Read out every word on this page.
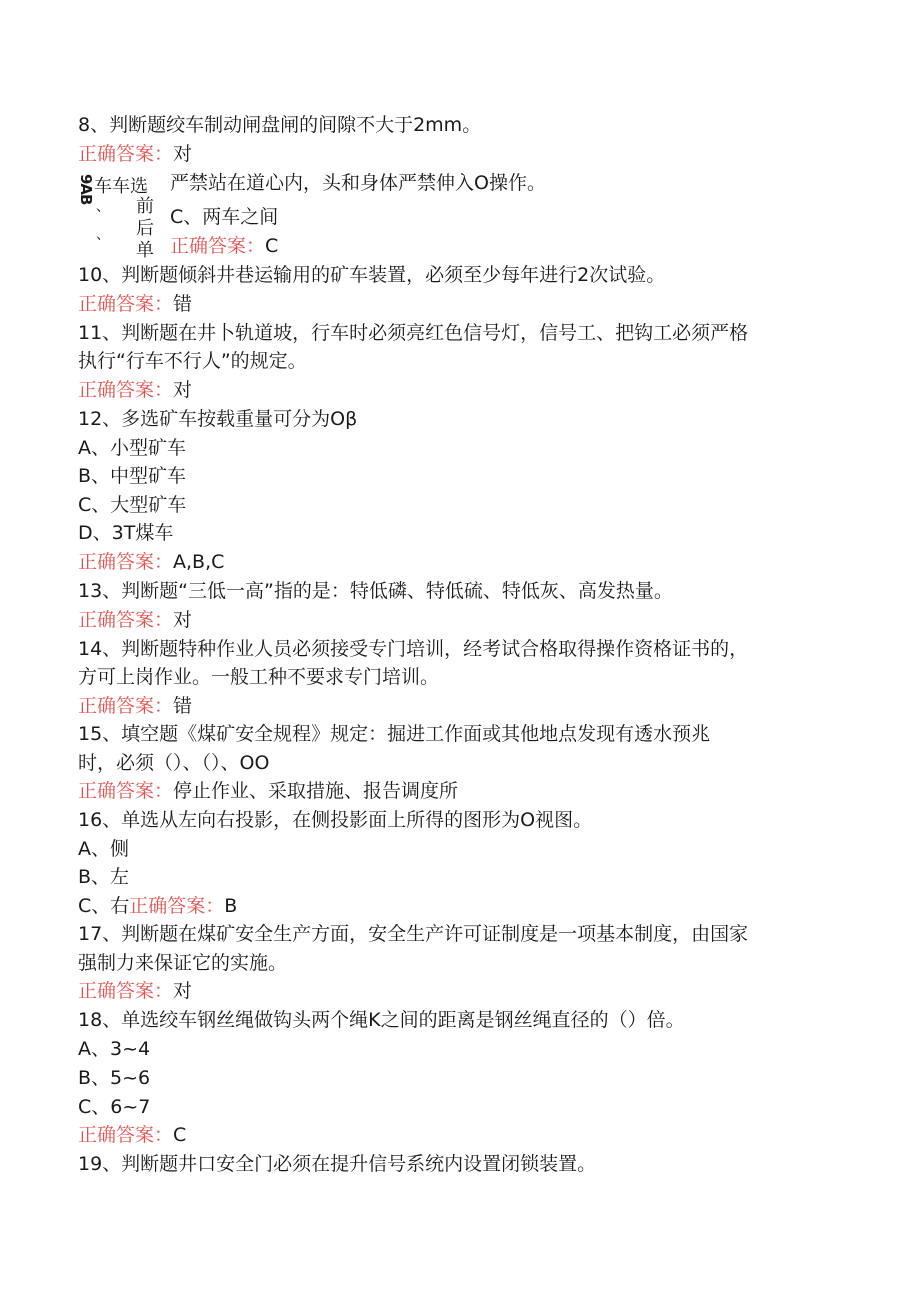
8、判断题绞车制动闸盘闸的间隙不大于2mm。
正确答案：对
9AB 车车选
、
、
前
后
单
严禁站在道心内，头和身体严禁伸入O操作。
C、两车之间
正确答案：C
10、判断题倾斜井巷运输用的矿车装置，必须至少每年进行2次试验。
正确答案：错
11、判断题在井卜轨道坡，行车时必须亮红色信号灯，信号工、把钩工必须严格
执行“行车不行人”的规定。
正确答案：对
12、多选矿车按载重量可分为Oβ
A、小型矿车
B、中型矿车
C、大型矿车
D、3T煤车
正确答案：A,B,C
13、判断题“三低一高”指的是：特低磷、特低硫、特低灰、高发热量。
正确答案：对
14、判断题特种作业人员必须接受专门培训，经考试合格取得操作资格证书的，
方可上岗作业。一般工种不要求专门培训。
正确答案：错
15、填空题《煤矿安全规程》规定：掘进工作面或其他地点发现有透水预兆
时，必须（）、（）、OO
正确答案：停止作业、采取措施、报告调度所
16、单选从左向右投影，在侧投影面上所得的图形为O视图。
A、侧
B、左
C、右正确答案：B
17、判断题在煤矿安全生产方面，安全生产许可证制度是一项基本制度，由国家
强制力来保证它的实施。
正确答案：对
18、单选绞车钢丝绳做钩头两个绳K之间的距离是钢丝绳直径的（）倍。
A、3~4
B、5~6
C、6~7
正确答案：C
19、判断题井口安全门必须在提升信号系统内设置闭锁装置。
